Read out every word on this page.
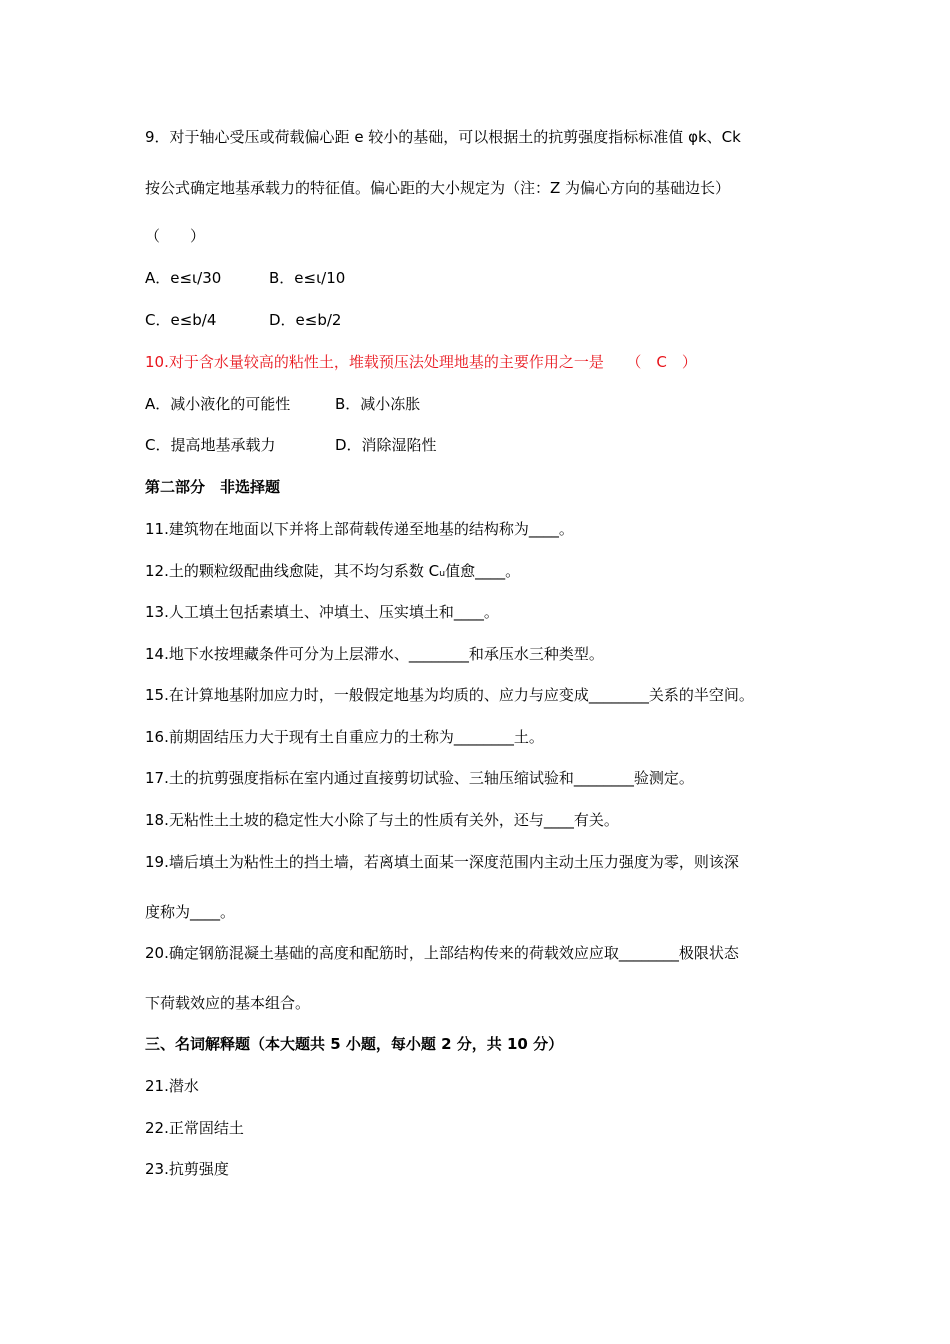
9．对于轴心受压或荷载偏心距 e 较小的基础，可以根据土的抗剪强度指标标准值 φk、Ck
按公式确定地基承载力的特征值。偏心距的大小规定为（注：Z 为偏心方向的基础边长）
（　　）
A．e≤ι/30	B．e≤ι/10
C．e≤b/4	D．e≤b/2
10.对于含水量较高的粘性土，堆载预压法处理地基的主要作用之一是　　（　C　）
A．减小液化的可能性	B．减小冻胀
C．提高地基承载力	D．消除湿陷性
第二部分　非选择题
11.建筑物在地面以下并将上部荷载传递至地基的结构称为____。
12.土的颗粒级配曲线愈陡，其不均匀系数 Cᵤ值愈____。
13.人工填土包括素填土、冲填土、压实填土和____。
14.地下水按埋藏条件可分为上层滞水、________和承压水三种类型。
15.在计算地基附加应力时，一般假定地基为均质的、应力与应变成________关系的半空间。
16.前期固结压力大于现有土自重应力的土称为________土。
17.土的抗剪强度指标在室内通过直接剪切试验、三轴压缩试验和________验测定。
18.无粘性土土坡的稳定性大小除了与土的性质有关外，还与____有关。
19.墙后填土为粘性土的挡土墙，若离填土面某一深度范围内主动土压力强度为零，则该深
度称为____。
20.确定钢筋混凝土基础的高度和配筋时，上部结构传来的荷载效应应取________极限状态
下荷载效应的基本组合。
三、名词解释题（本大题共 5 小题，每小题 2 分，共 10 分）
21.潜水
22.正常固结土
23.抗剪强度
